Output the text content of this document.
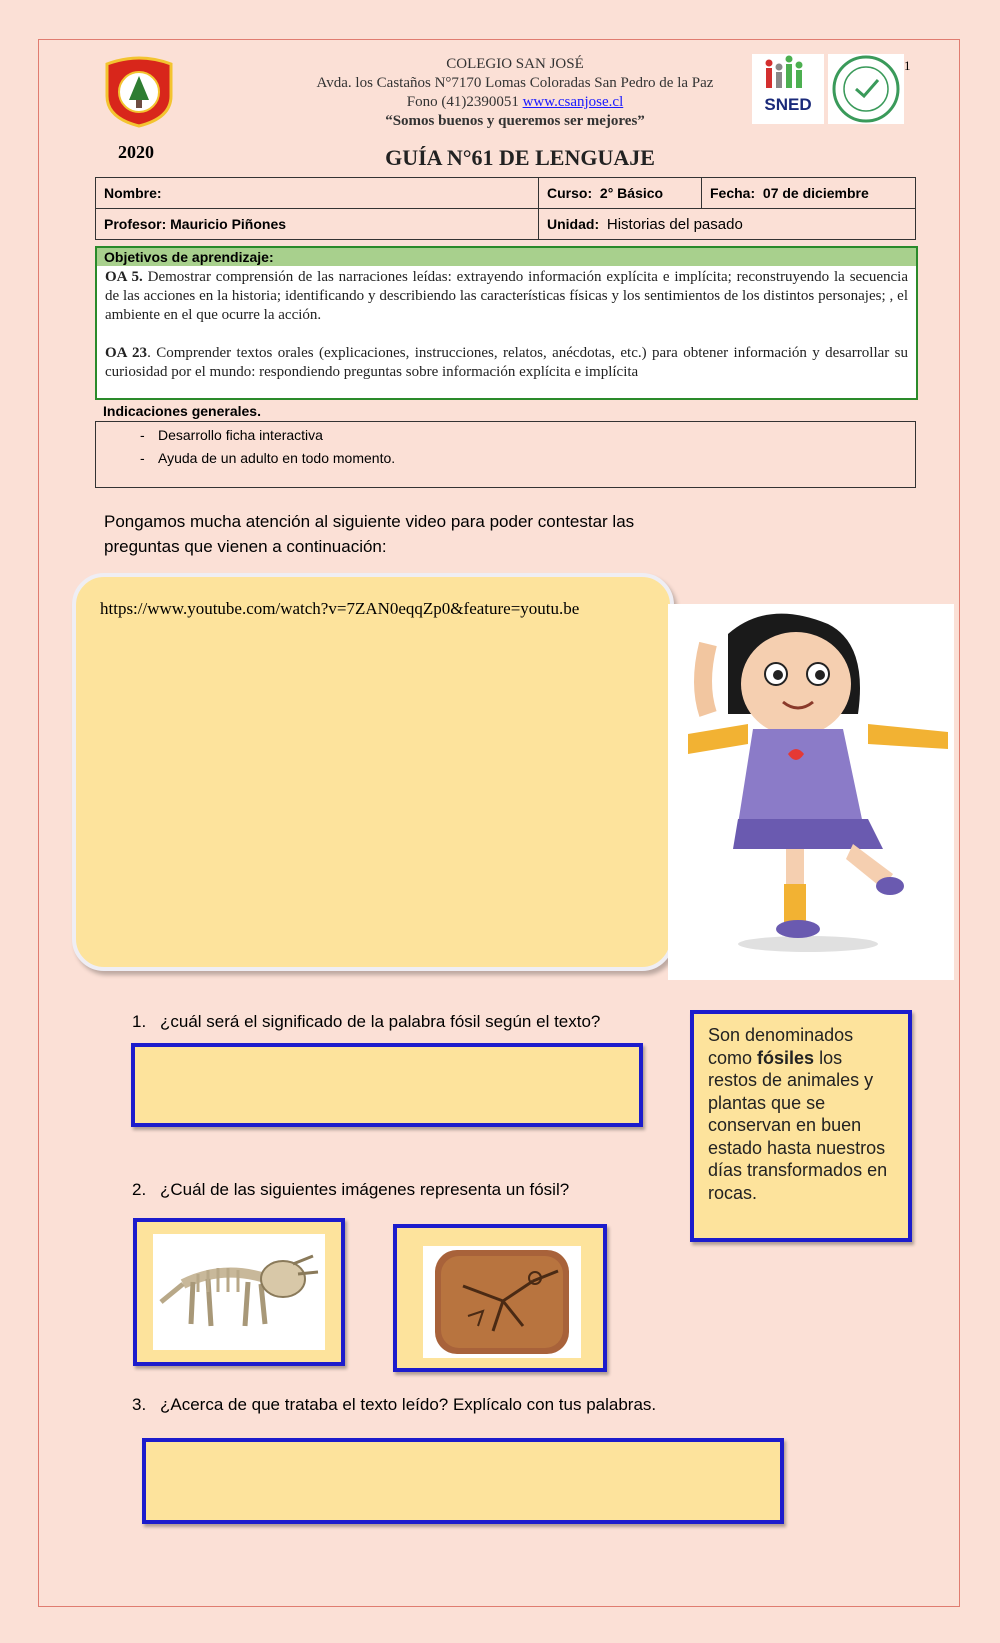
COLEGIO SAN JOSÉ
Avda. los Castaños N°7170 Lomas Coloradas San Pedro de la Paz
Fono (41)2390051 www.csanjose.cl
“Somos buenos y queremos ser mejores”
SNED
1
2020	GUÍA N°61 DE LENGUAJE
Nombre:	Curso: 2° Básico	Fecha: 07 de diciembre
Profesor: Mauricio Piñones	Unidad: Historias del pasado	
Objetivos de aprendizaje:
OA 5. Demostrar comprensión de las narraciones leídas: extrayendo información explícita e implícita; reconstruyendo la secuencia de las acciones en la historia; identificando y describiendo las características físicas y los sentimientos de los distintos personajes; , el ambiente en el que ocurre la acción.
OA 23. Comprender textos orales (explicaciones, instrucciones, relatos, anécdotas, etc.) para obtener información y desarrollar su curiosidad por el mundo: respondiendo preguntas sobre información explícita e implícita
Indicaciones generales.
- Desarrollo ficha interactiva
- Ayuda de un adulto en todo momento.
Pongamos mucha atención al siguiente video para poder contestar las preguntas que vienen a continuación:
https://www.youtube.com/watch?v=7ZAN0eqqZp0&feature=youtu.be
1. ¿cuál será el significado de la palabra fósil según el texto?
Son denominados como fósiles los restos de animales y plantas que se conservan en buen estado hasta nuestros días transformados en rocas.
2. ¿Cuál de las siguientes imágenes representa un fósil?
3. ¿Acerca de que trataba el texto leído? Explícalo con tus palabras.
